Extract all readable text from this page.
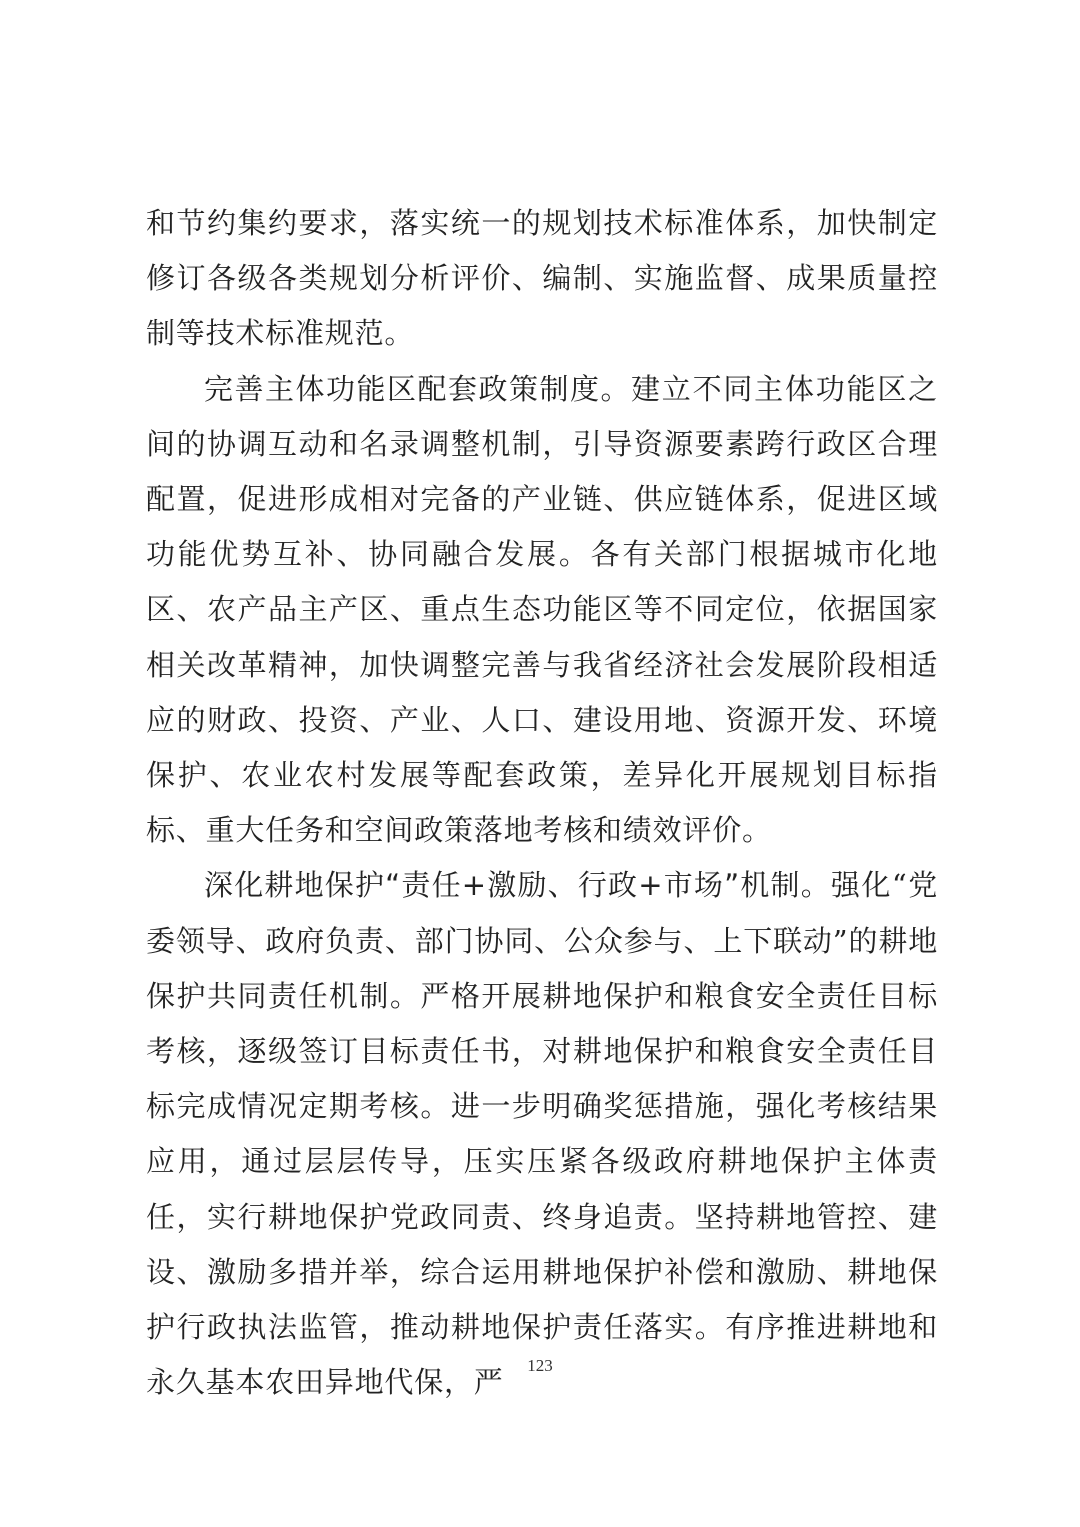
和节约集约要求，落实统一的规划技术标准体系，加快制定修订各级各类规划分析评价、编制、实施监督、成果质量控制等技术标准规范。

完善主体功能区配套政策制度。建立不同主体功能区之间的协调互动和名录调整机制，引导资源要素跨行政区合理配置，促进形成相对完备的产业链、供应链体系，促进区域功能优势互补、协同融合发展。各有关部门根据城市化地区、农产品主产区、重点生态功能区等不同定位，依据国家相关改革精神，加快调整完善与我省经济社会发展阶段相适应的财政、投资、产业、人口、建设用地、资源开发、环境保护、农业农村发展等配套政策，差异化开展规划目标指标、重大任务和空间政策落地考核和绩效评价。

深化耕地保护“责任+激励、行政+市场”机制。强化“党委领导、政府负责、部门协同、公众参与、上下联动”的耕地保护共同责任机制。严格开展耕地保护和粮食安全责任目标考核，逐级签订目标责任书，对耕地保护和粮食安全责任目标完成情况定期考核。进一步明确奖惩措施，强化考核结果应用，通过层层传导，压实压紧各级政府耕地保护主体责任，实行耕地保护党政同责、终身追责。坚持耕地管控、建设、激励多措并举，综合运用耕地保护补偿和激励、耕地保护行政执法监管，推动耕地保护责任落实。有序推进耕地和永久基本农田异地代保，严	123
